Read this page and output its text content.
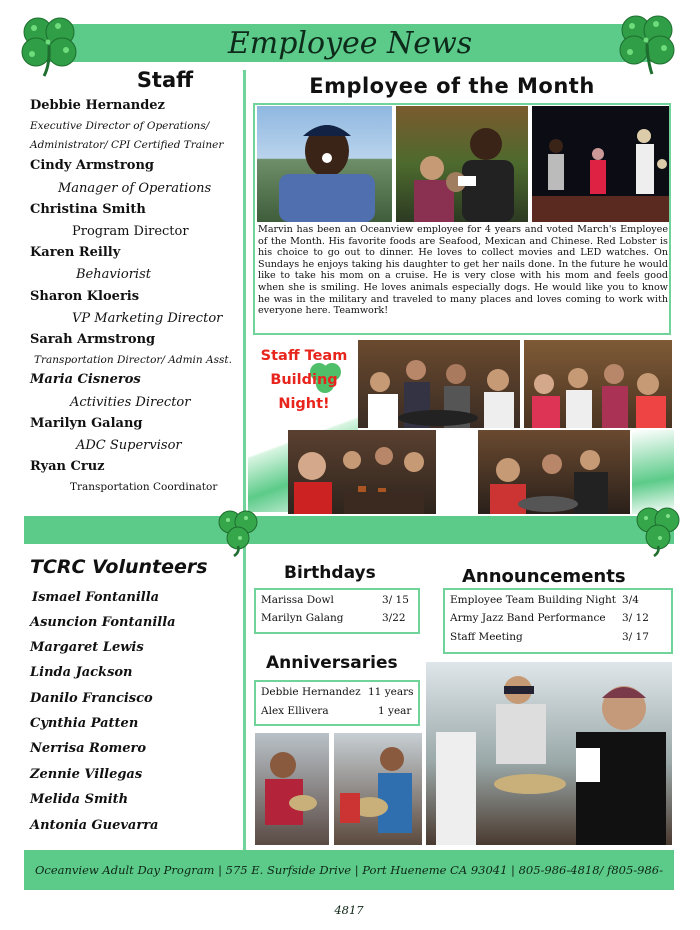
Employee News
Staff
Debbie Hernandez
Executive Director of Operations/
Administrator/ CPI Certified Trainer
Cindy Armstrong
Manager of Operations
Christina Smith
Program Director
Karen Reilly
Behaviorist
Sharon Kloeris
VP Marketing Director
Sarah Armstrong
Transportation Director/ Admin Asst.
Maria Cisneros
Activities Director
Marilyn Galang
ADC Supervisor
Ryan Cruz
Transportation Coordinator
Employee of the Month
Marvin has been an Oceanview employee for 4 years and voted March's Employee of the Month. His favorite foods are Seafood, Mexican and Chinese. Red Lobster is his choice to go out to dinner. He loves to collect movies and LED watches. On Sundays he enjoys taking his daughter to get her nails done. In the future he would like to take his mom on a cruise. He is very close with his mom and feels good when she is smiling. He loves animals especially dogs. He would like you to know he was in the military and traveled to many places and loves coming to work with everyone here. Teamwork!
Staff Team
Building
Night!
TCRC Volunteers
Ismael Fontanilla
Asuncion Fontanilla
Margaret Lewis
Linda Jackson
Danilo Francisco
Cynthia Patten
Nerrisa Romero
Zennie Villegas
Melida Smith
Antonia Guevarra
Birthdays
Marissa Dowl	3/ 15
Marilyn Galang	3/22
Announcements
Employee Team Building Night 3/4
Army Jazz Band Performance 3/ 12
Staff Meeting	3/ 17
Anniversaries
Debbie Hernandez 11 years
Alex Ellivera	1 year
Oceanview Adult Day Program | 575 E. Surfside Drive | Port Hueneme CA 93041 | 805-986-4818/ f805-986-4817
